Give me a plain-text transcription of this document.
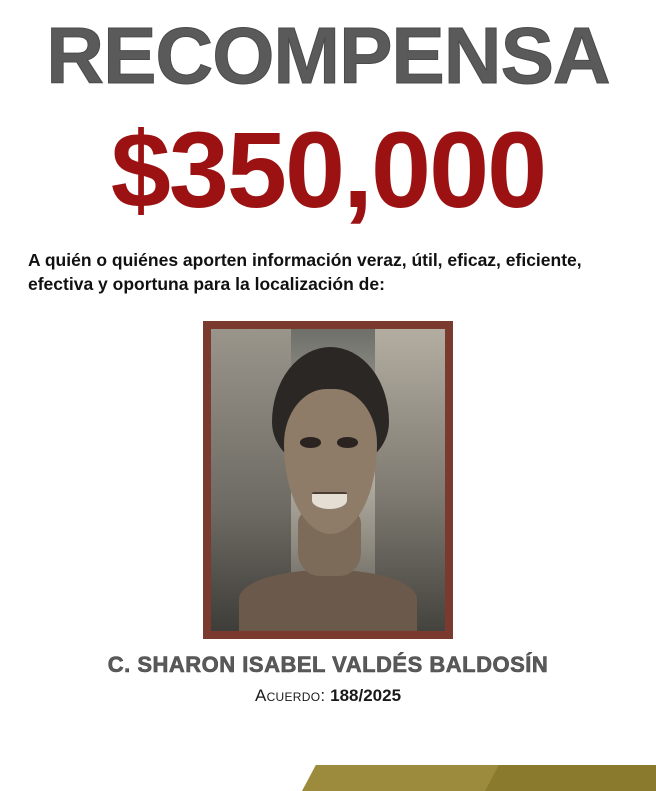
RECOMPENSA
$350,000
A quién o quiénes aporten información veraz, útil, eficaz, eficiente, efectiva y oportuna para la localización de:
C. SHARON ISABEL VALDÉS BALDOSÍN
Acuerdo: 188/2025
